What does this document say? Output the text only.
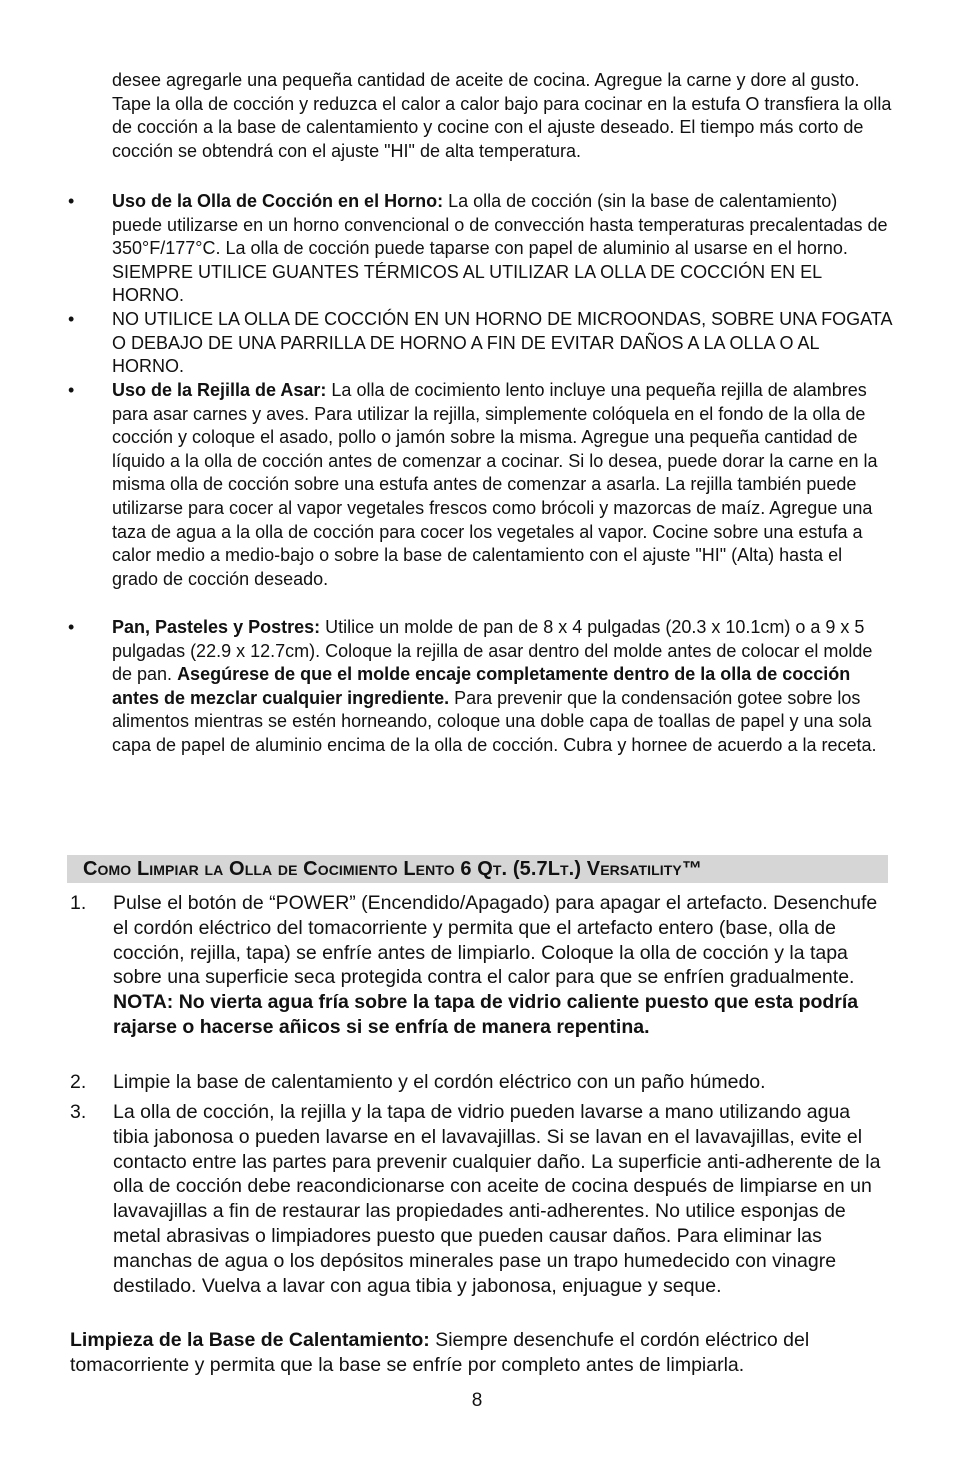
desee agregarle una pequeña cantidad de aceite de cocina. Agregue la carne y dore al gusto. Tape la olla de cocción y reduzca el calor a calor bajo para cocinar en la estufa O transfiera la olla de cocción a la base de calentamiento y cocine con el ajuste deseado. El tiempo más corto de cocción se obtendrá con el ajuste "HI" de alta temperatura.

• Uso de la Olla de Cocción en el Horno: La olla de cocción (sin la base de calentamiento) puede utilizarse en un horno convencional o de convección hasta temperaturas precalentadas de 350°F/177°C. La olla de cocción puede taparse con papel de aluminio al usarse en el horno. SIEMPRE UTILICE GUANTES TÉRMICOS AL UTILIZAR LA OLLA DE COCCIÓN EN EL HORNO.

• NO UTILICE LA OLLA DE COCCIÓN EN UN HORNO DE MICROONDAS, SOBRE UNA FOGATA O DEBAJO DE UNA PARRILLA DE HORNO A FIN DE EVITAR DAÑOS A LA OLLA O AL HORNO.

• Uso de la Rejilla de Asar: La olla de cocimiento lento incluye una pequeña rejilla de alambres para asar carnes y aves. Para utilizar la rejilla, simplemente colóquela en el fondo de la olla de cocción y coloque el asado, pollo o jamón sobre la misma. Agregue una pequeña cantidad de líquido a la olla de cocción antes de comenzar a cocinar. Si lo desea, puede dorar la carne en la misma olla de cocción sobre una estufa antes de comenzar a asarla. La rejilla también puede utilizarse para cocer al vapor vegetales frescos como brócoli y mazorcas de maíz. Agregue una taza de agua a la olla de cocción para cocer los vegetales al vapor. Cocine sobre una estufa a calor medio a medio-bajo o sobre la base de calentamiento con el ajuste "HI" (Alta) hasta el grado de cocción deseado.

• Pan, Pasteles y Postres: Utilice un molde de pan de 8 x 4 pulgadas (20.3 x 10.1cm) o a 9 x 5 pulgadas (22.9 x 12.7cm). Coloque la rejilla de asar dentro del molde antes de colocar el molde de pan. Asegúrese de que el molde encaje completamente dentro de la olla de cocción antes de mezclar cualquier ingrediente. Para prevenir que la condensación gotee sobre los alimentos mientras se estén horneando, coloque una doble capa de toallas de papel y una sola capa de papel de aluminio encima de la olla de cocción. Cubra y hornee de acuerdo a la receta.

Como Limpiar la Olla de Cocimiento Lento 6 Qt. (5.7Lt.) Versatility™
1. Pulse el botón de “POWER” (Encendido/Apagado) para apagar el artefacto. Desenchufe el cordón eléctrico del tomacorriente y permita que el artefacto entero (base, olla de cocción, rejilla, tapa) se enfríe antes de limpiarlo. Coloque la olla de cocción y la tapa sobre una superficie seca protegida contra el calor para que se enfríen gradualmente. NOTA: No vierta agua fría sobre la tapa de vidrio caliente puesto que esta podría rajarse o hacerse añicos si se enfría de manera repentina.

2. Limpie la base de calentamiento y el cordón eléctrico con un paño húmedo.

3. La olla de cocción, la rejilla y la tapa de vidrio pueden lavarse a mano utilizando agua tibia jabonosa o pueden lavarse en el lavavajillas. Si se lavan en el lavavajillas, evite el contacto entre las partes para prevenir cualquier daño. La superficie anti-adherente de la olla de cocción debe reacondicionarse con aceite de cocina después de limpiarse en un lavavajillas a fin de restaurar las propiedades anti-adherentes. No utilice esponjas de metal abrasivas o limpiadores puesto que pueden causar daños. Para eliminar las manchas de agua o los depósitos minerales pase un trapo humedecido con vinagre destilado. Vuelva a lavar con agua tibia y jabonosa, enjuague y seque.

Limpieza de la Base de Calentamiento: Siempre desenchufe el cordón eléctrico del tomacorriente y permita que la base se enfríe por completo antes de limpiarla.

8
